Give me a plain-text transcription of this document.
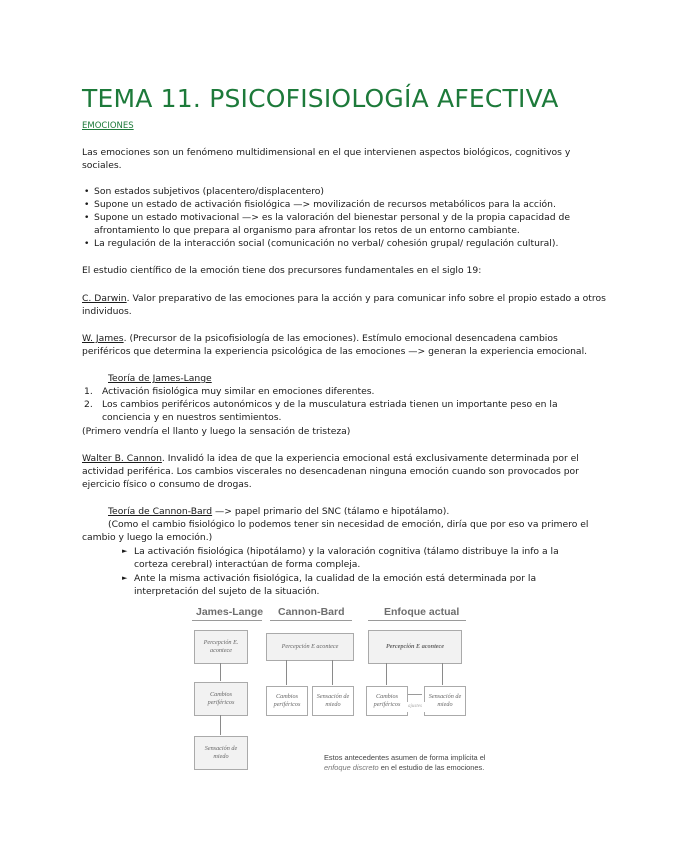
TEMA 11. PSICOFISIOLOGÍA AFECTIVA
EMOCIONES
Las emociones son un fenómeno multidimensional en el que intervienen aspectos biológicos, cognitivos y
sociales.
• Son estados subjetivos (placentero/displacentero)
• Supone un estado de activación fisiológica —> movilización de recursos metabólicos para la acción.
• Supone un estado motivacional —> es la valoración del bienestar personal y de la propia capacidad de
afrontamiento lo que prepara al organismo para afrontar los retos de un entorno cambiante.
• La regulación de la interacción social (comunicación no verbal/ cohesión grupal/ regulación cultural).
El estudio científico de la emoción tiene dos precursores fundamentales en el siglo 19:
C. Darwin. Valor preparativo de las emociones para la acción y para comunicar info sobre el propio estado a otros
individuos.
W. James. (Precursor de la psicofisiología de las emociones). Estímulo emocional desencadena cambios
periféricos que determina la experiencia psicológica de las emociones —> generan la experiencia emocional.
Teoría de James-Lange
1. Activación fisiológica muy similar en emociones diferentes.
2. Los cambios periféricos autonómicos y de la musculatura estriada tienen un importante peso en la
conciencia y en nuestros sentimientos.
(Primero vendría el llanto y luego la sensación de tristeza)
Walter B. Cannon. Invalidó la idea de que la experiencia emocional está exclusivamente determinada por el
actividad periférica. Los cambios viscerales no desencadenan ninguna emoción cuando son provocados por
ejercicio físico o consumo de drogas.
Teoría de Cannon-Bard —> papel primario del SNC (tálamo e hipotálamo).
(Como el cambio fisiológico lo podemos tener sin necesidad de emoción, diría que por eso va primero el
cambio y luego la emoción.)
► La activación fisiológica (hipotálamo) y la valoración cognitiva (tálamo distribuye la info a la
corteza cerebral) interactúan de forma compleja.
► Ante la misma activación fisiológica, la cualidad de la emoción está determinada por la
interpretación del sujeto de la situación.
James-Lange Cannon-Bard	Enfoque actual
Percepción E.
acontece
Cambios
periféricos
Sensación de
miedo
Percepción E acontece
Cambios
periféricos
Sensación de
miedo
Percepción E acontece
Cambios
periféricos
Sensación de
miedo
ajustes
Estos antecedentes asumen de forma implícita el
enfoque discreto en el estudio de las emociones.
